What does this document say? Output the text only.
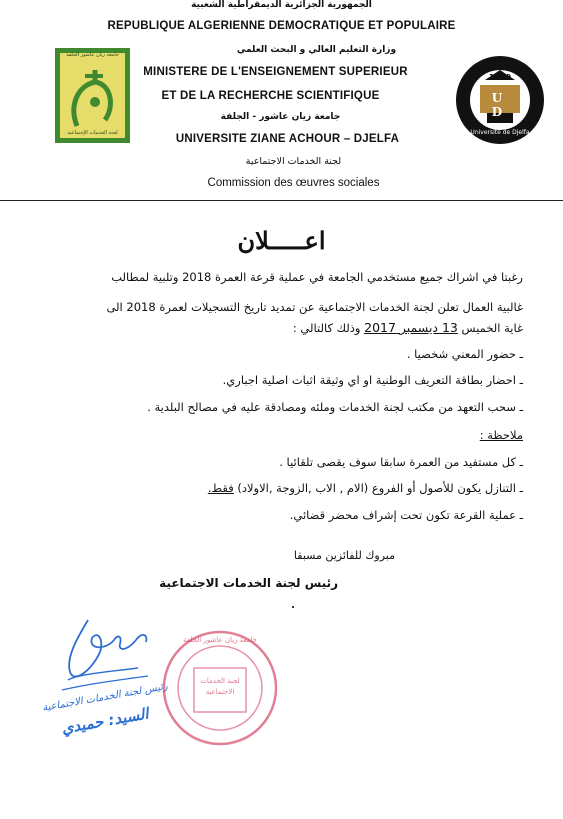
الجمهورية الجزائرية الديمقراطية الشعبية
REPUBLIQUE ALGERIENNE DEMOCRATIQUE ET POPULAIRE
جامعة زيان عاشور الجلفة
لجنة الخدمات الإجتماعية
1990
U D
Université de Djelfa
وزارة التعليم العالي و البحث العلمي
MINISTERE DE L'ENSEIGNEMENT SUPERIEUR
ET DE LA RECHERCHE SCIENTIFIQUE
جامعة زيان عاشور - الجلفة
UNIVERSITE ZIANE ACHOUR – DJELFA
لجنة الخدمات الاجتماعية
Commission des œuvres sociales
اعـــــلان
رغبتا في اشراك جميع مستخدمي الجامعة في عملية قرعة العمرة 2018 وتلبية لمطالب
غالبية العمال تعلن لجنة الخدمات الاجتماعية عن تمديد تاريخ التسجيلات لعمرة 2018 الى
غاية الخميس 13 ديسمبر 2017 وذلك كالتالي :
ـ حضور المعني شخصيا .
ـ احضار بطاقة التعريف الوطنية او اي وثيقة اثبات اصلية اجباري.
ـ سحب التعهد من مكتب لجنة الخدمات وملئه ومصادقة عليه في مصالح البلدية .
ملاحظة :
ـ كل مستفيد من العمرة سابقا سوف يقصى تلقائيا .
ـ التنازل يكون للأصول أو الفروع (الام , الاب ,الزوجة ,الاولاد) فقط.
ـ عملية القرعة تكون تحت إشراف محضر قضائي.
مبروك للفائزين مسبقا
رئيس لجنة الخدمات الاجتماعية
رئيس لجنة الخدمات الاجتماعية
السيد: حميدي
جامعة زيان عاشور الجلفة
لجنة الخدمات الاجتماعية
